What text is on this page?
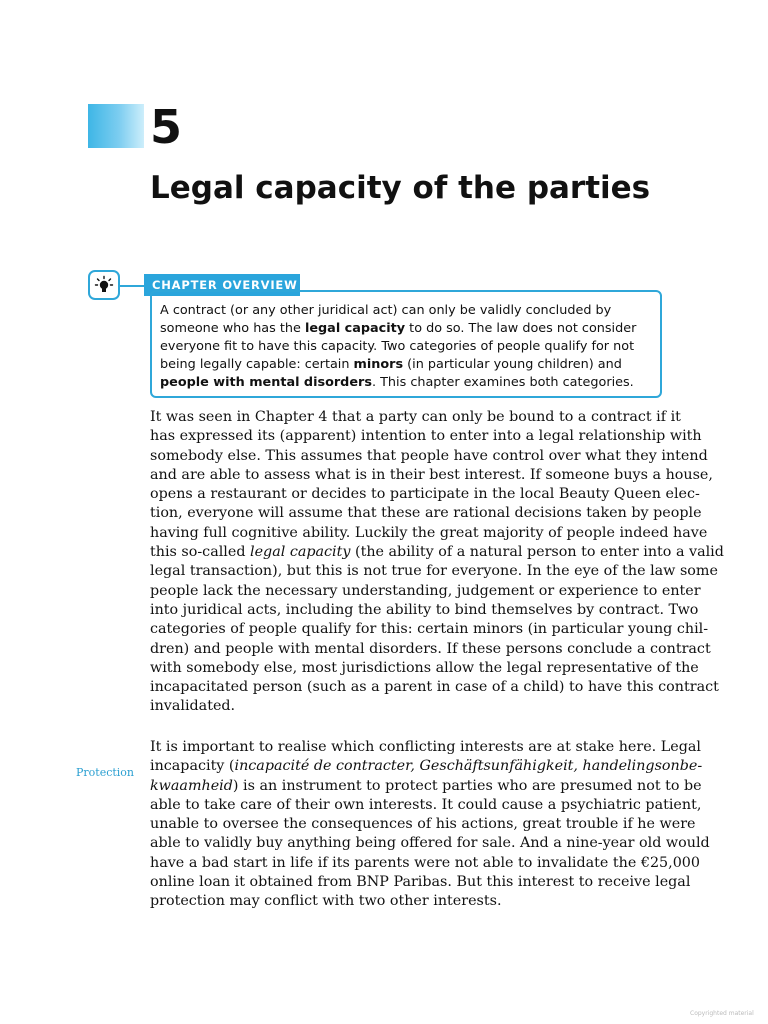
5
Legal capacity of the parties
CHAPTER OVERVIEW
A contract (or any other juridical act) can only be validly concluded by someone who has the legal capacity to do so. The law does not consider everyone fit to have this capacity. Two categories of people qualify for not being legally capable: certain minors (in particular young children) and people with mental disorders. This chapter examines both categories.
It was seen in Chapter 4 that a party can only be bound to a contract if it
has expressed its (apparent) intention to enter into a legal relationship with
somebody else. This assumes that people have control over what they intend
and are able to assess what is in their best interest. If someone buys a house,
opens a restaurant or decides to participate in the local Beauty Queen elec-
tion, everyone will assume that these are rational decisions taken by people
having full cognitive ability. Luckily the great majority of people indeed have
this so-called legal capacity (the ability of a natural person to enter into a valid
legal transaction), but this is not true for everyone. In the eye of the law some
people lack the necessary understanding, judgement or experience to enter
into juridical acts, including the ability to bind themselves by contract. Two
categories of people qualify for this: certain minors (in particular young chil-
dren) and people with mental disorders. If these persons conclude a contract
with somebody else, most jurisdictions allow the legal representative of the
incapacitated person (such as a parent in case of a child) to have this contract
invalidated.
Protection
It is important to realise which conflicting interests are at stake here. Legal
incapacity (incapacité de contracter, Geschäftsunfähigkeit, handelingsonbe-
kwaamheid) is an instrument to protect parties who are presumed not to be
able to take care of their own interests. It could cause a psychiatric patient,
unable to oversee the consequences of his actions, great trouble if he were
able to validly buy anything being offered for sale. And a nine-year old would
have a bad start in life if its parents were not able to invalidate the €25,000
online loan it obtained from BNP Paribas. But this interest to receive legal
protection may conflict with two other interests.
Copyrighted material
